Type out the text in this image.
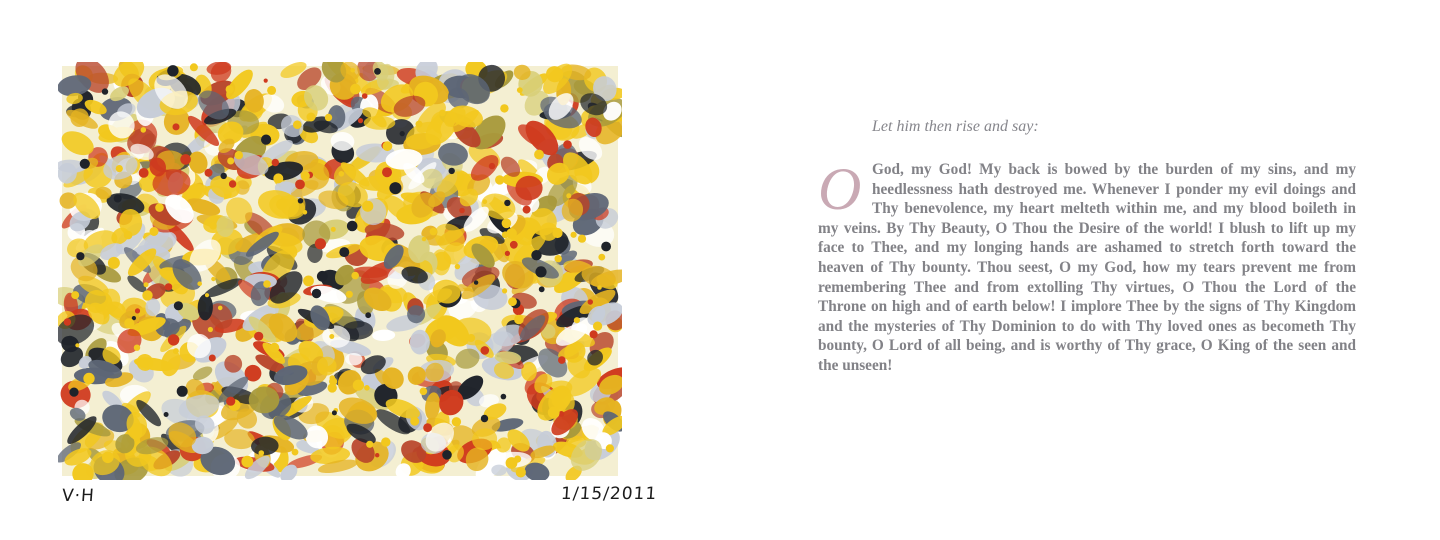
V·H	1/15/2011

Let him then rise and say:

O God, my God! My back is bowed by the burden of my sins, and my heedlessness hath destroyed me. Whenever I ponder my evil doings and Thy benevolence, my heart melteth within me, and my blood boileth in my veins. By Thy Beauty, O Thou the Desire of the world! I blush to lift up my face to Thee, and my longing hands are ashamed to stretch forth toward the heaven of Thy bounty. Thou seest, O my God, how my tears prevent me from remembering Thee and from extolling Thy virtues, O Thou the Lord of the Throne on high and of earth below! I implore Thee by the signs of Thy Kingdom and the mysteries of Thy Dominion to do with Thy loved ones as becometh Thy bounty, O Lord of all being, and is worthy of Thy grace, O King of the seen and the unseen!
